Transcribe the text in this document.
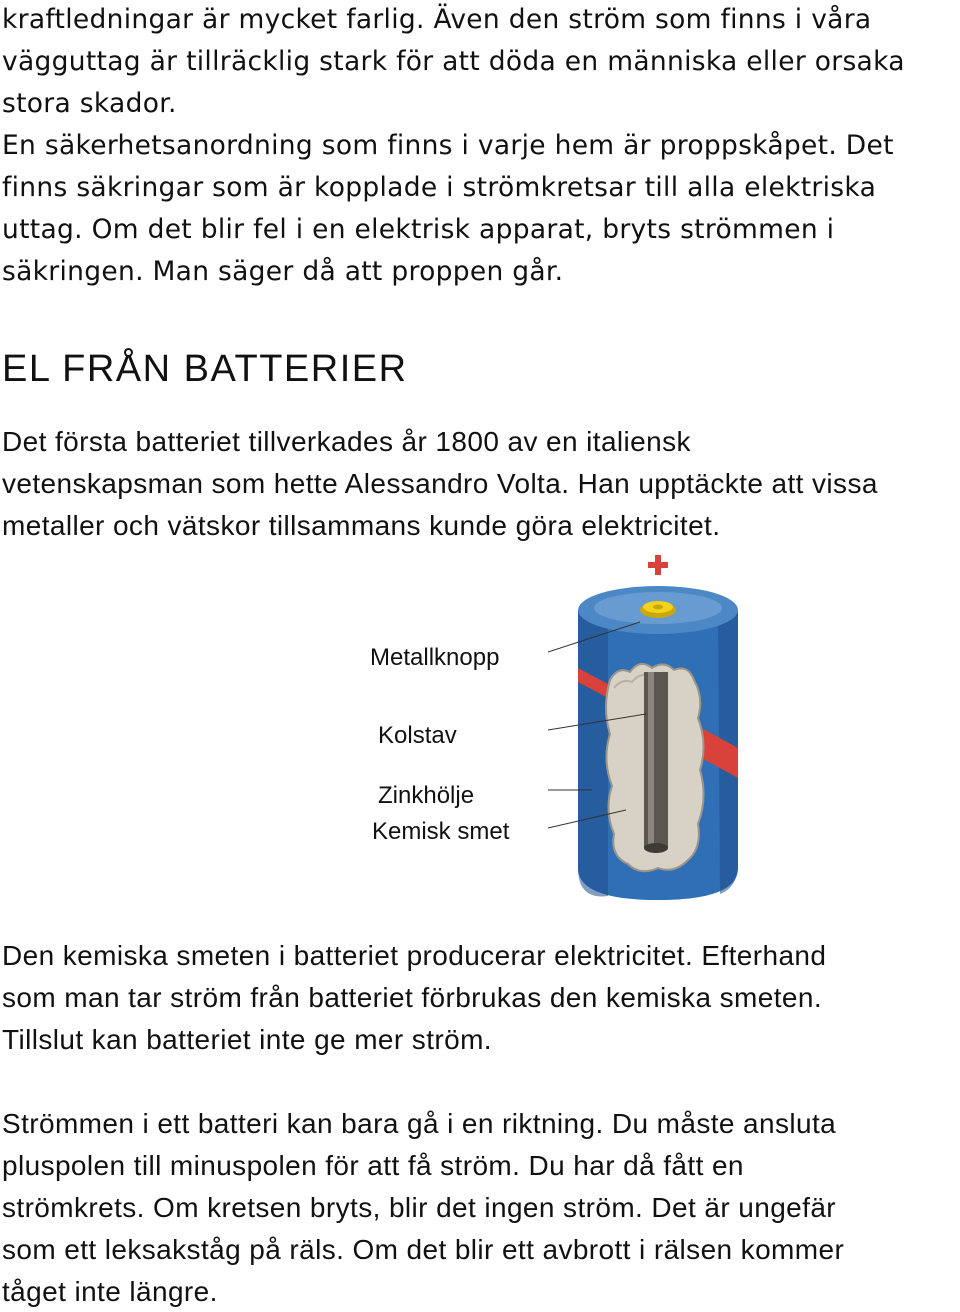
kraftledningar är mycket farlig. Även den ström som finns i våra
vägguttag är tillräcklig stark för att döda en människa eller orsaka
stora skador.
En säkerhetsanordning som finns i varje hem är proppskåpet. Det
finns säkringar som är kopplade i strömkretsar till alla elektriska
uttag. Om det blir fel i en elektrisk apparat, bryts strömmen i
säkringen. Man säger då att proppen går.
EL FRÅN BATTERIER
Det första batteriet tillverkades år 1800 av en italiensk
vetenskapsman som hette Alessandro Volta. Han upptäckte att vissa
metaller och vätskor tillsammans kunde göra elektricitet.
Metallknopp
Kolstav
Zinkhölje
Kemisk smet
Den kemiska smeten i batteriet producerar elektricitet. Efterhand
som man tar ström från batteriet förbrukas den kemiska smeten.
Tillslut kan batteriet inte ge mer ström.
Strömmen i ett batteri kan bara gå i en riktning. Du måste ansluta
pluspolen till minuspolen för att få ström. Du har då fått en
strömkrets. Om kretsen bryts, blir det ingen ström. Det är ungefär
som ett leksakståg på räls. Om det blir ett avbrott i rälsen kommer
tåget inte längre.
